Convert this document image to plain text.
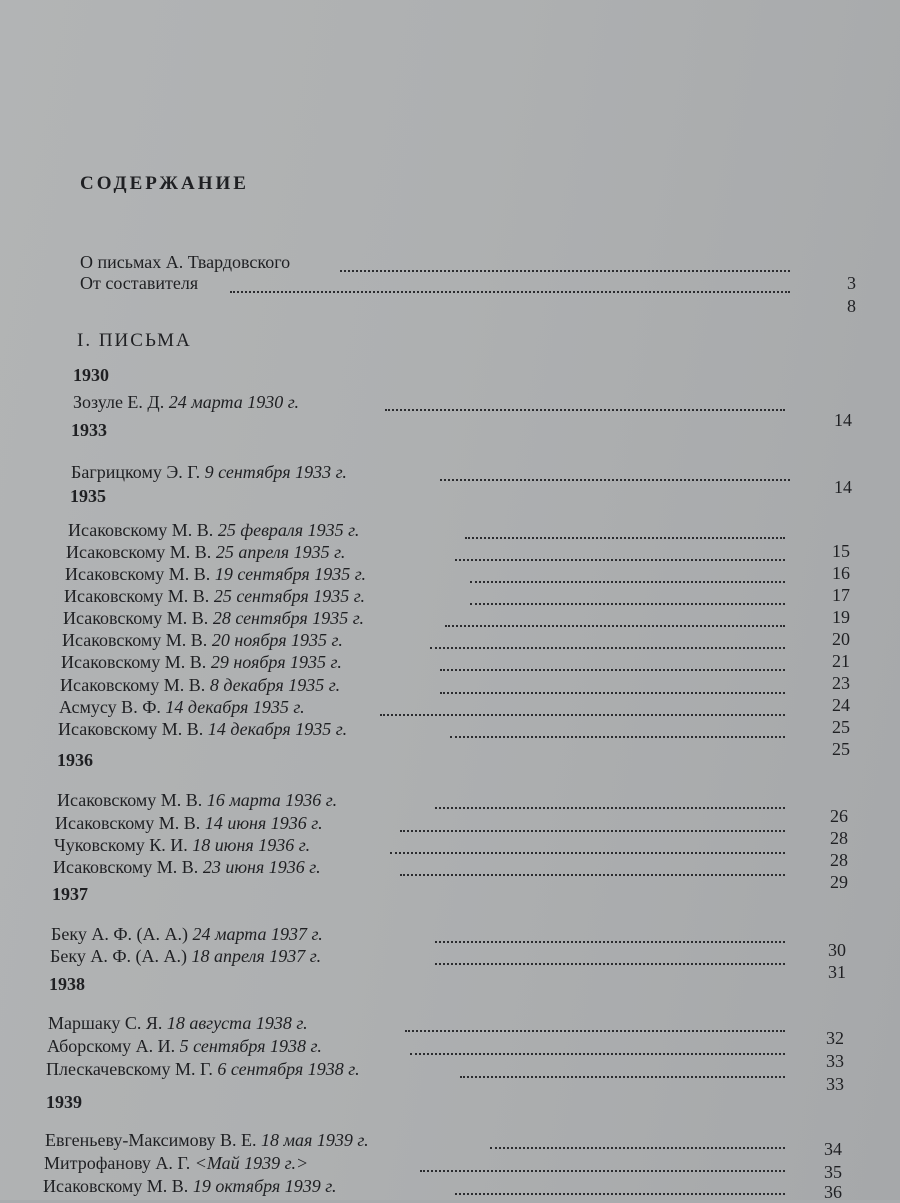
СОДЕРЖАНИЕ
О письмах А. Твардовского
От составителя	3
8
I. ПИСЬМА
1930
Зозуле Е. Д. 24 марта 1930 г.
14
1933
Багрицкому Э. Г. 9 сентября 1933 г.
14
1935
Исаковскому М. В. 25 февраля 1935 г.
Исаковскому М. В. 25 апреля 1935 г.
Исаковскому М. В. 19 сентября 1935 г.
Исаковскому М. В. 25 сентября 1935 г.
Исаковскому М. В. 28 сентября 1935 г.
Исаковскому М. В. 20 ноября 1935 г.
Исаковскому М. В. 29 ноября 1935 г.
Исаковскому М. В. 8 декабря 1935 г.
Асмусу В. Ф. 14 декабря 1935 г.
Исаковскому М. В. 14 декабря 1935 г.
15
16
17
19
20
21
23
24
25
25
1936
Исаковскому М. В. 16 марта 1936 г.
Исаковскому М. В. 14 июня 1936 г.
Чуковскому К. И. 18 июня 1936 г.
Исаковскому М. В. 23 июня 1936 г.
26
28
28
29
1937
Беку А. Ф. (А. А.) 24 марта 1937 г.
Беку А. Ф. (А. А.) 18 апреля 1937 г.	30
31
1938
Маршаку С. Я. 18 августа 1938 г.
Аборскому А. И. 5 сентября 1938 г.
Плескачевскому М. Г. 6 сентября 1938 г.
32
33
33
1939
Евгеньеву-Максимову В. Е. 18 мая 1939 г.
Митрофанову А. Г. <Май 1939 г.>
Исаковскому М. В. 19 октября 1939 г.
34
35
36
